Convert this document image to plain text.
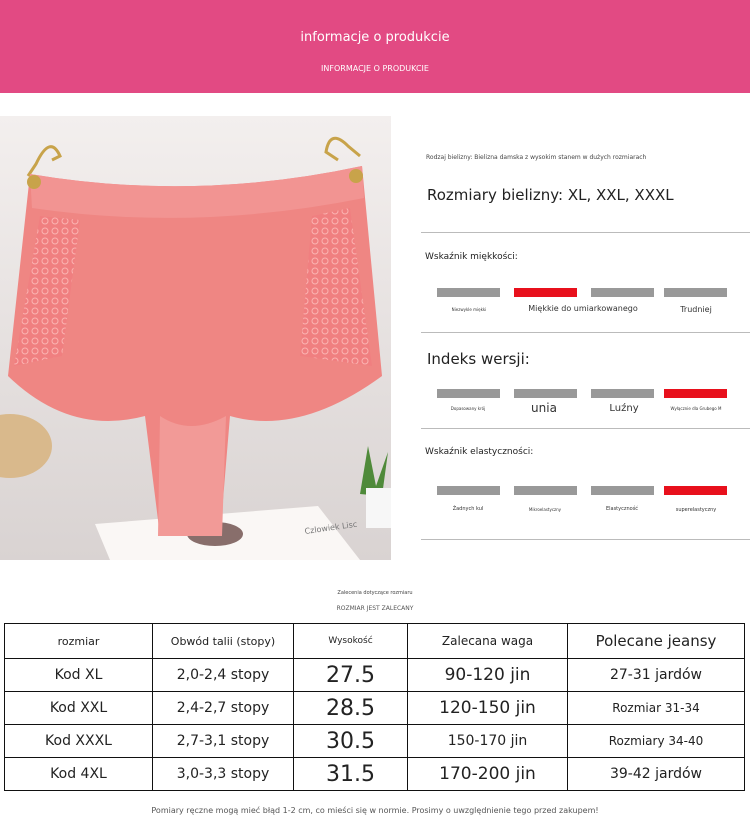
informacje o produkcie
INFORMACJE O PRODUKCIE
Czlowiek Lisc
Rodzaj bielizny: Bielizna damska z wysokim stanem w dużych rozmiarach
Rozmiary bielizny: XL, XXL, XXXL
Wskaźnik miękkości:
Niezwykle miękki	Miękkie do umiarkowanego	Trudniej
Indeks wersji:
Dopasowany krój	unia	Luźny	Wyłącznie dla Grubego M
Wskaźnik elastyczności:
Żadnych kul	Mikroelastyczny	Elastyczność	superelastyczny
Zalecenia dotyczące rozmiaru
ROZMIAR JEST ZALECANY
rozmiar	Obwód talii (stopy)	Wysokość	Zalecana waga	Polecane jeansy
Kod XL	2,0-2,4 stopy	27.5	90-120 jin	27-31 jardów
Kod XXL	2,4-2,7 stopy	28.5	120-150 jin	Rozmiar 31-34
Kod XXXL	2,7-3,1 stopy	30.5	150-170 jin	Rozmiary 34-40
Kod 4XL	3,0-3,3 stopy	31.5	170-200 jin	39-42 jardów
Pomiary ręczne mogą mieć błąd 1-2 cm, co mieści się w normie. Prosimy o uwzględnienie tego przed zakupem!
